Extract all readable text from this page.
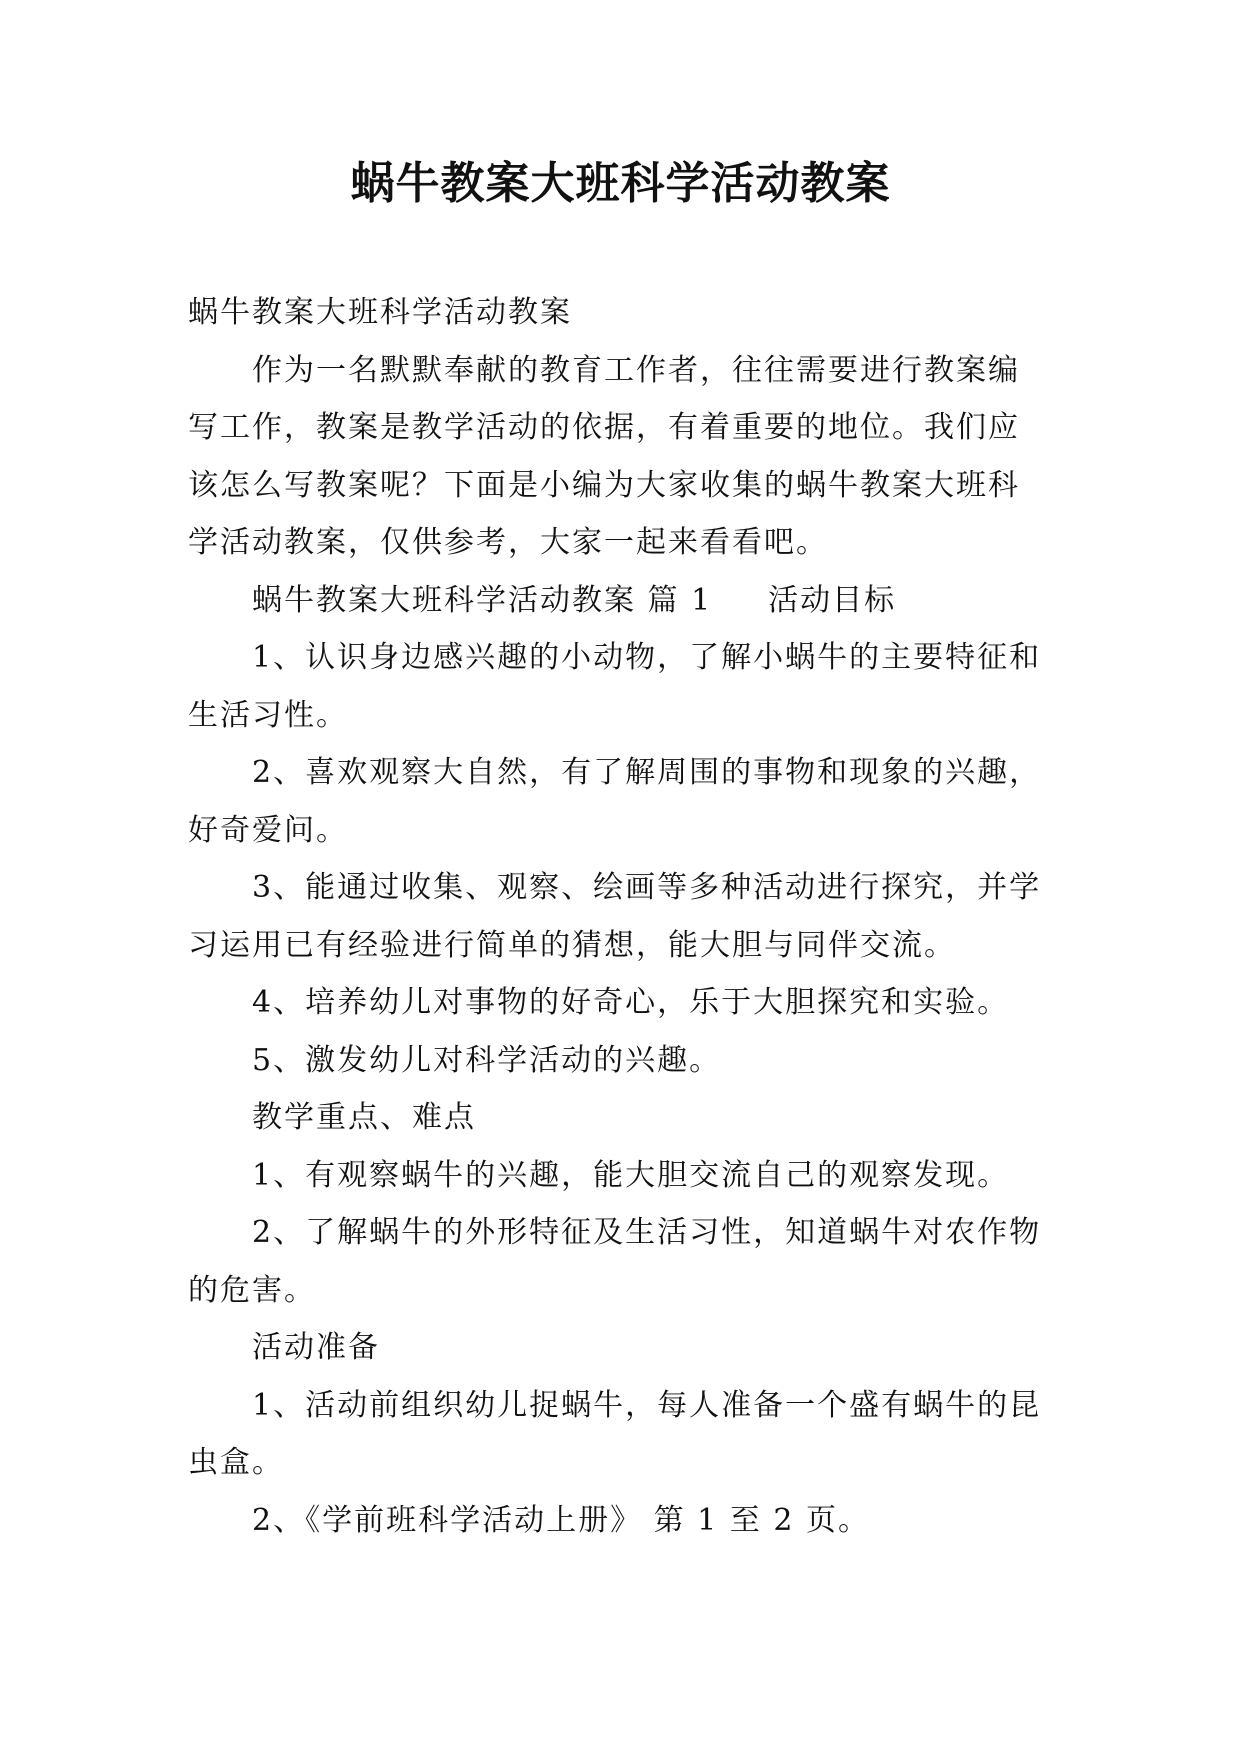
蜗牛教案大班科学活动教案

蜗牛教案大班科学活动教案

作为一名默默奉献的教育工作者，往往需要进行教案编写工作，教案是教学活动的依据，有着重要的地位。我们应该怎么写教案呢？下面是小编为大家收集的蜗牛教案大班科学活动教案，仅供参考，大家一起来看看吧。

蜗牛教案大班科学活动教案 篇 1 活动目标

1、认识身边感兴趣的小动物，了解小蜗牛的主要特征和生活习性。

2、喜欢观察大自然，有了解周围的事物和现象的兴趣，好奇爱问。

3、能通过收集、观察、绘画等多种活动进行探究，并学习运用已有经验进行简单的猜想，能大胆与同伴交流。

4、培养幼儿对事物的好奇心，乐于大胆探究和实验。

5、激发幼儿对科学活动的兴趣。

教学重点、难点

1、有观察蜗牛的兴趣，能大胆交流自己的观察发现。

2、了解蜗牛的外形特征及生活习性，知道蜗牛对农作物的危害。

活动准备

1、活动前组织幼儿捉蜗牛，每人准备一个盛有蜗牛的昆虫盒。

2、《学前班科学活动上册》 第 1 至 2 页。
